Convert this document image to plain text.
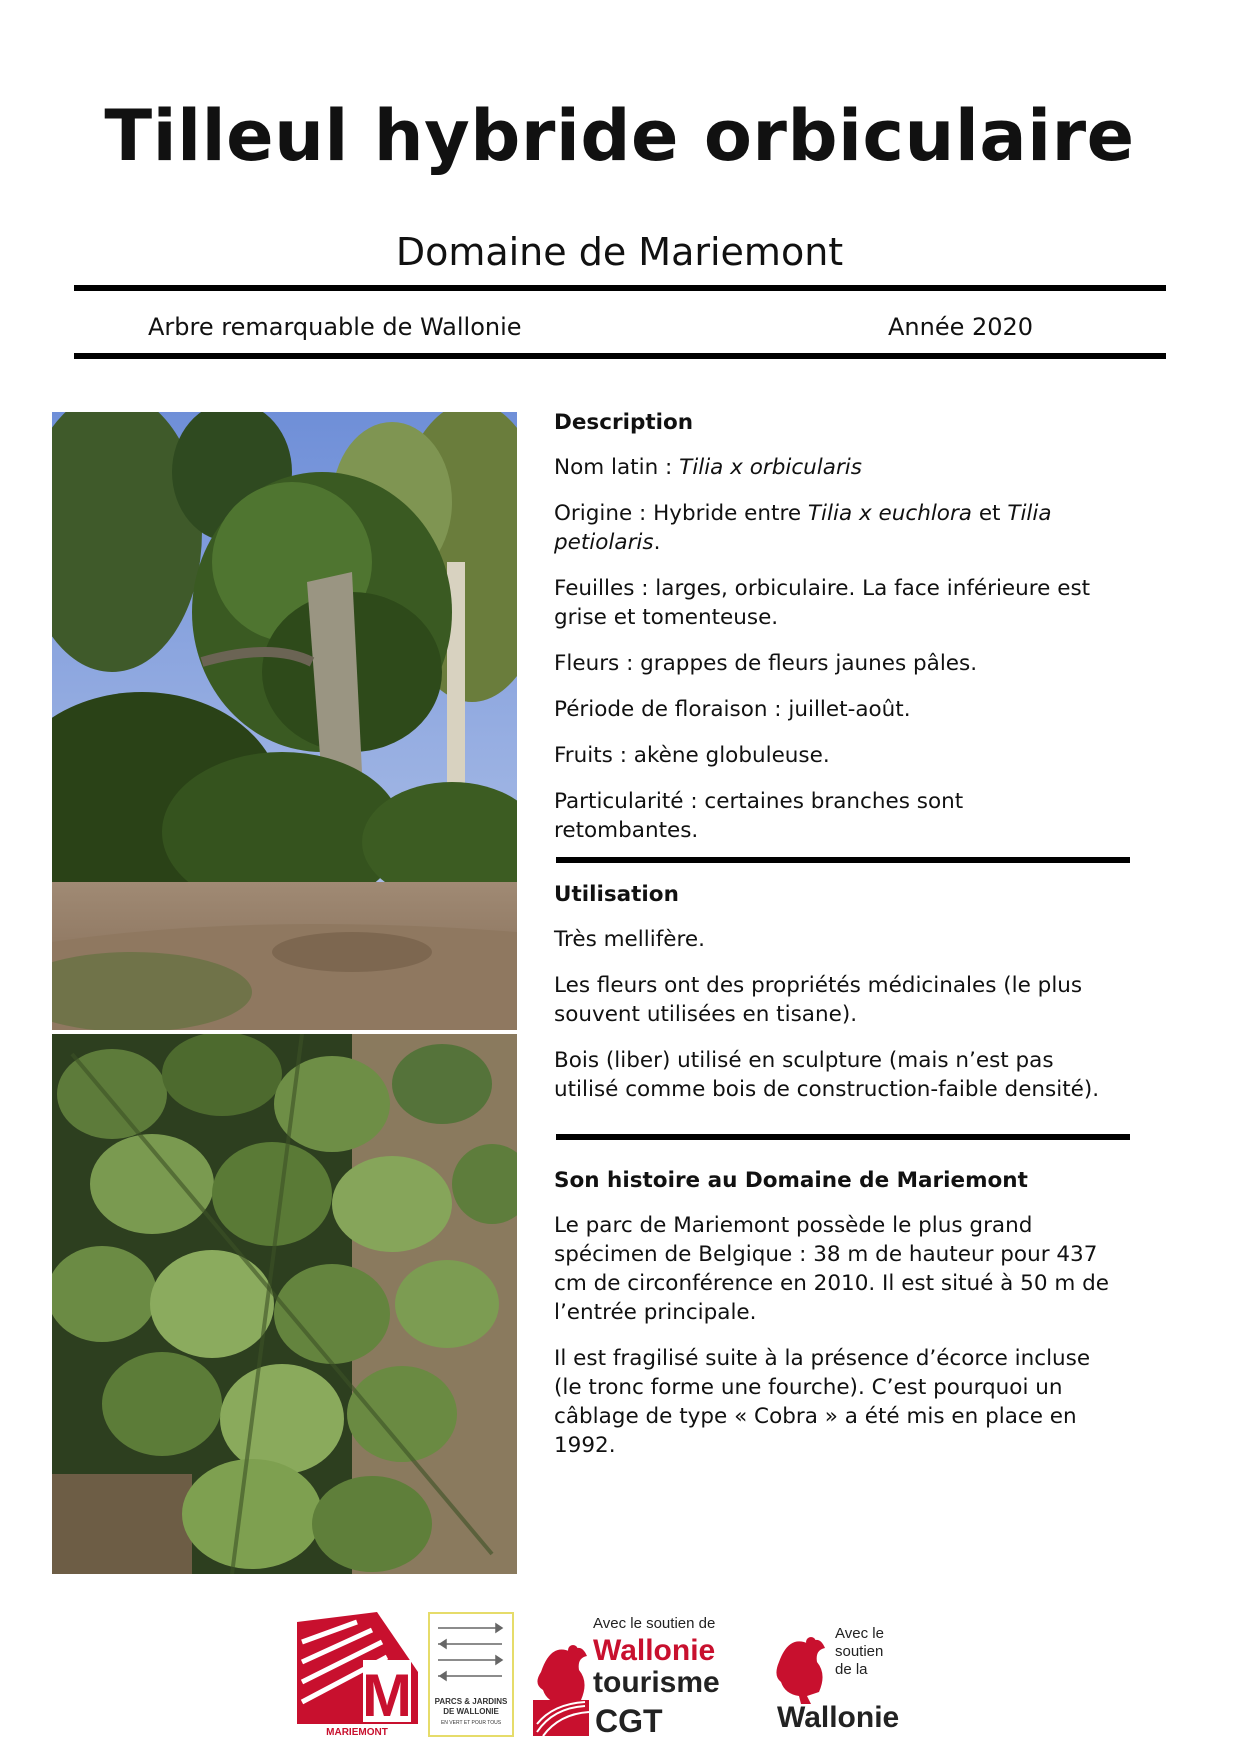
Tilleul hybride orbiculaire
Domaine de Mariemont
Arbre remarquable de Wallonie	Année 2020
Description

Nom latin : Tilia x orbicularis

Origine : Hybride entre Tilia x euchlora et Tilia petiolaris.

Feuilles : larges, orbiculaire. La face inférieure est grise et tomenteuse.

Fleurs : grappes de fleurs jaunes pâles.

Période de floraison : juillet-août.

Fruits : akène globuleuse.

Particularité : certaines branches sont retombantes.

Utilisation

Très mellifère.

Les fleurs ont des propriétés médicinales (le plus souvent utilisées en tisane).

Bois (liber) utilisé en sculpture (mais n’est pas utilisé comme bois de construction-faible densité).

Son histoire au Domaine de Mariemont

Le parc de Mariemont possède le plus grand spécimen de Belgique : 38 m de hauteur pour 437 cm de circonférence en 2010. Il est situé à 50 m de l’entrée principale.

Il est fragilisé suite à la présence d’écorce incluse (le tronc forme une fourche). C’est pourquoi un câblage de type « Cobra » a été mis en place en 1992.

M
MARIEMONT
PARCS & JARDINS
DE WALLONIE
EN VERT ET POUR TOUS
Avec le soutien de
Wallonie
tourisme
CGT
Avec le
soutien
de la
Wallonie
